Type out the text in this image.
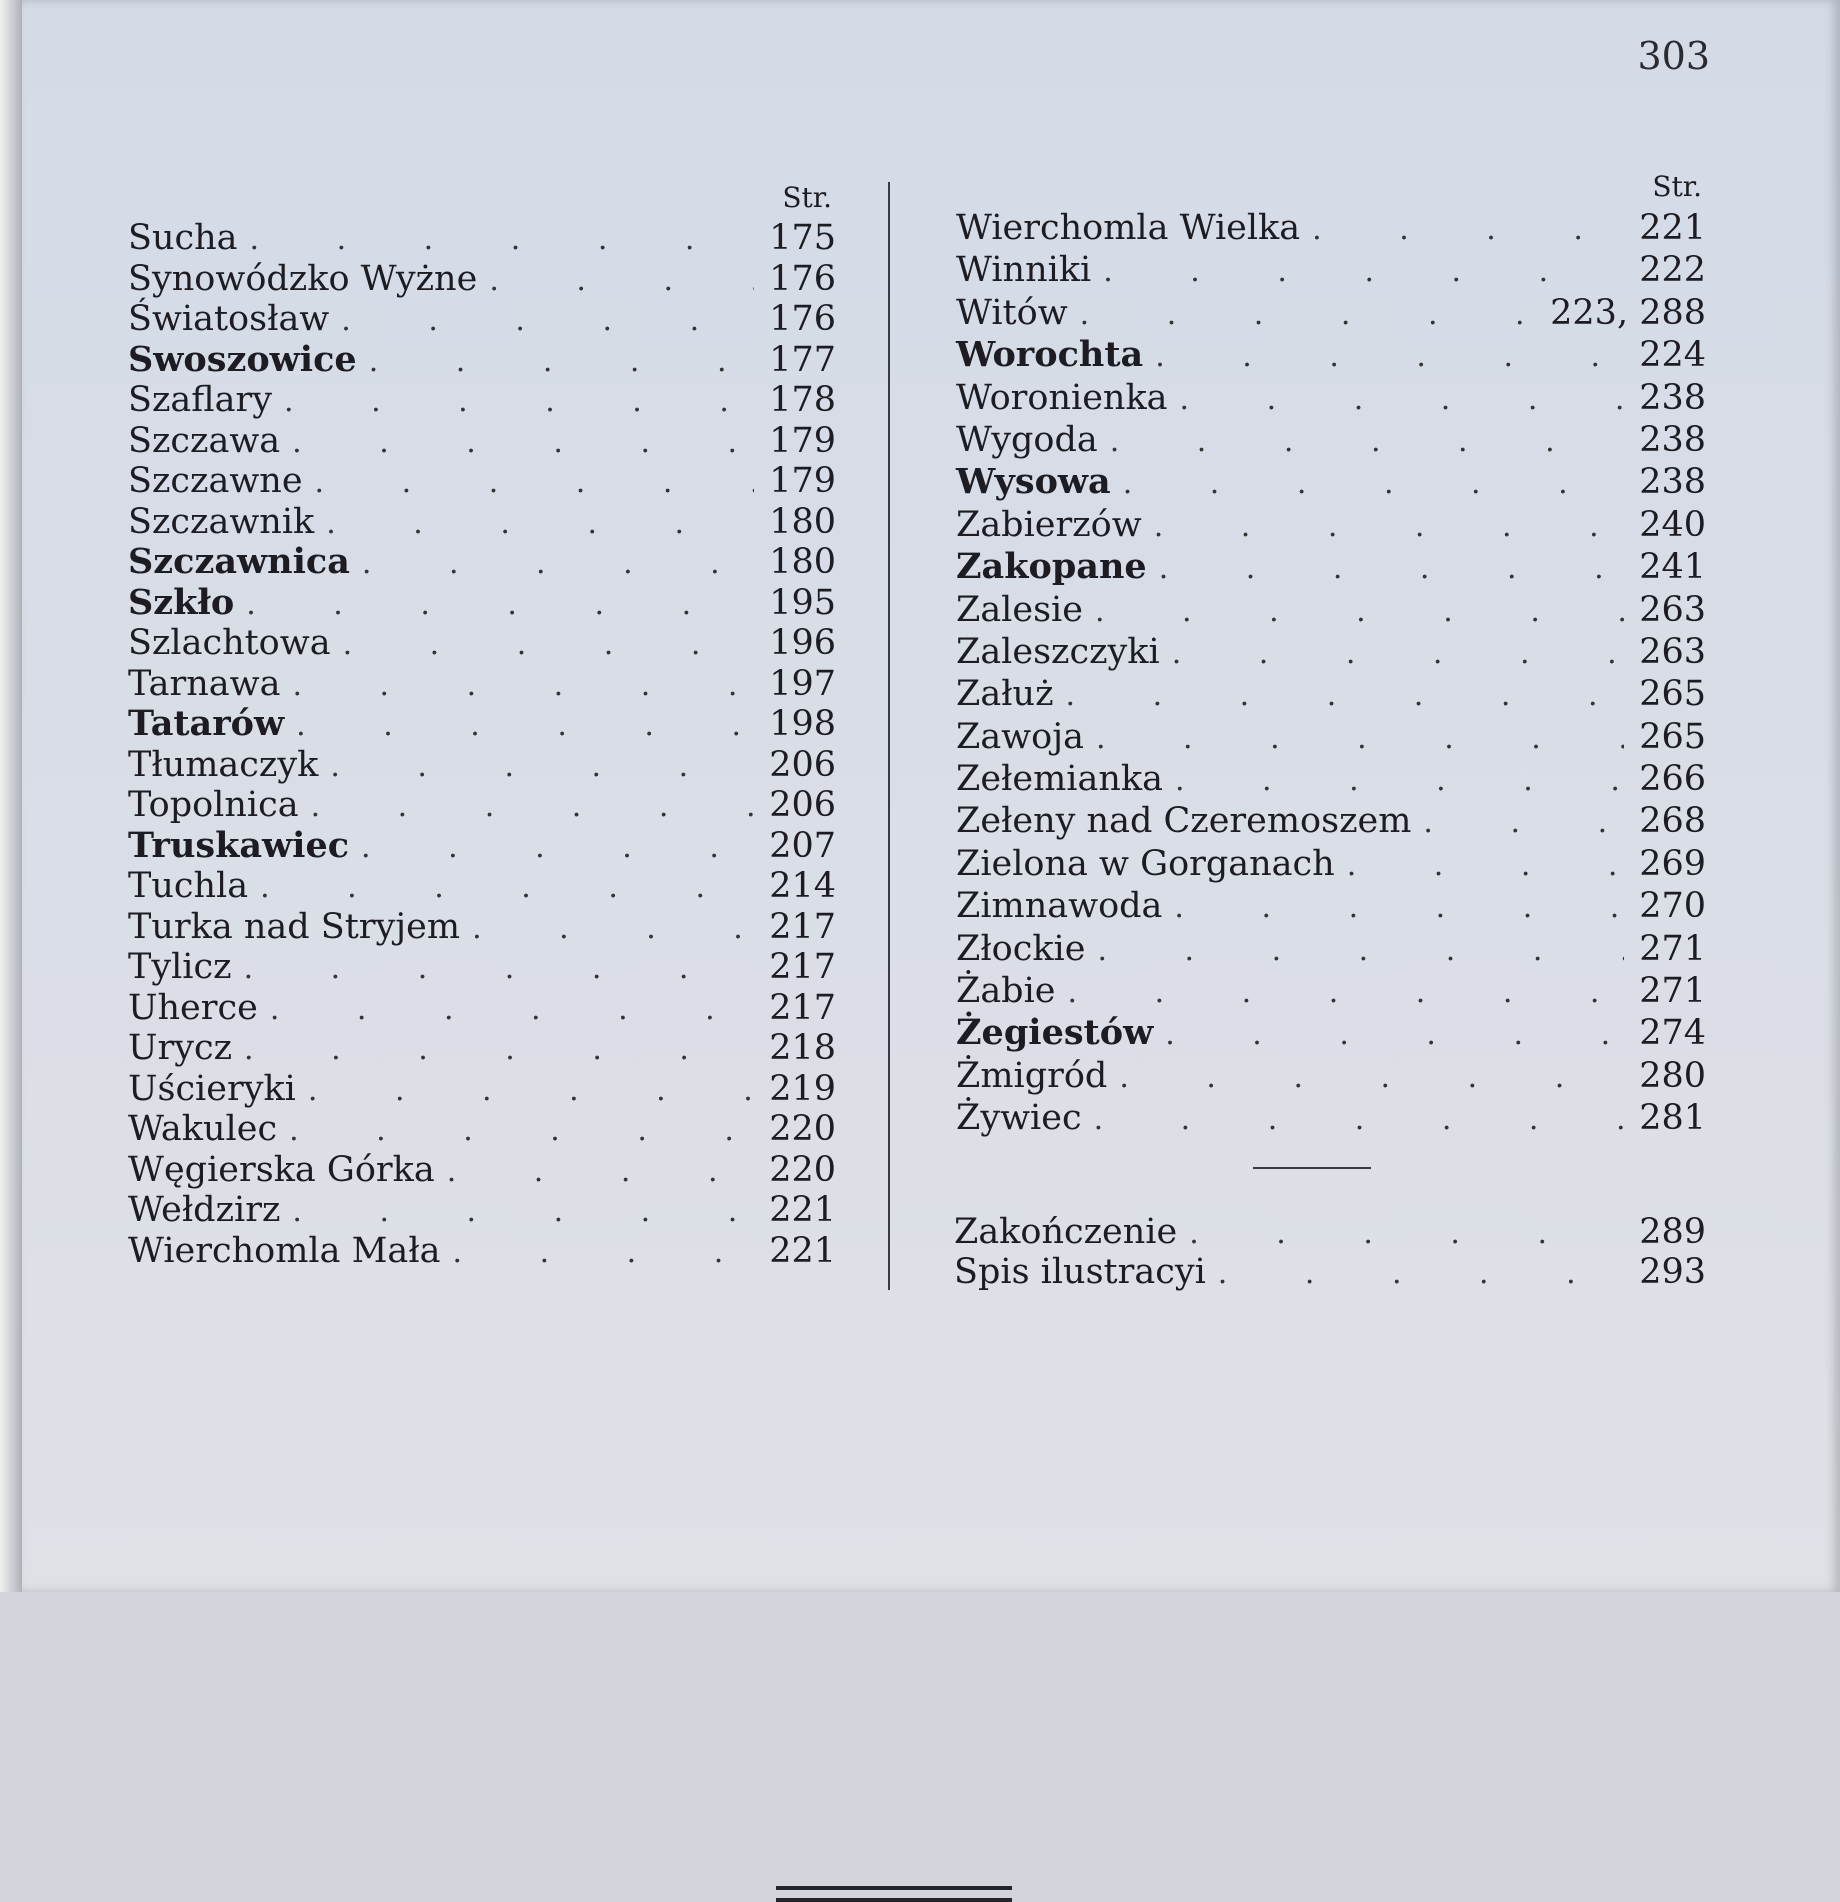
303
Str.
Sucha . . .	175
Synowódzko Wyżne . . .	176
Światosław . . .	176
Swoszowice . . .	177
Szaflary . . .	178
Szczawa . . .	179
Szczawne . . .	179
Szczawnik . . .	180
Szczawnica . . .	180
Szkło . . .	195
Szlachtowa . . .	196
Tarnawa . . .	197
Tatarów . . .	198
Tłumaczyk . . .	206
Topolnica . . .	206
Truskawiec . . .	207
Tuchla . . .	214
Turka nad Stryjem . . .	217
Tylicz . . .	217
Uherce . . .	217
Urycz . . .	218
Uścieryki . . .	219
Wakulec . . .	220
Węgierska Górka . . .	220
Wełdzirz . . .	221
Wierchomla Mała . . .	221
Str.
Wierchomla Wielka . . .	221
Winniki . . .	222
Witów . . .	223, 288
Worochta . . .	224
Woronienka . . .	238
Wygoda . . .	238
Wysowa . . .	238
Zabierzów . . .	240
Zakopane . . .	241
Zalesie . . .	263
Zaleszczyki . . .	263
Załuż . . .	265
Zawoja . . .	265
Zełemianka . . .	266
Zełeny nad Czeremoszem . . .	268
Zielona w Gorganach . . .	269
Zimnawoda . . .	270
Złockie . . .	271
Żabie . . .	271
Żegiestów . . .	274
Żmigród . . .	280
Żywiec . . .	281
Zakończenie . . .	289
Spis ilustracyi . . .	293
